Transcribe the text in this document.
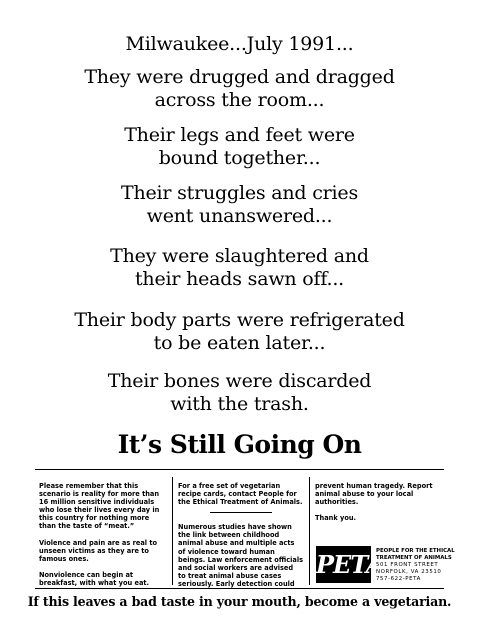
Milwaukee...July 1991...
They were drugged and dragged
across the room...
Their legs and feet were
bound together...
Their struggles and cries
went unanswered...
They were slaughtered and
their heads sawn off...
Their body parts were refrigerated
to be eaten later...
Their bones were discarded
with the trash.
It’s Still Going On

Please remember that this
scenario is reality for more than
16 million sensitive individuals
who lose their lives every day in
this country for nothing more
than the taste of “meat.”

Violence and pain are as real to
unseen victims as they are to
famous ones.

Nonviolence can begin at
breakfast, with what you eat.

For a free set of vegetarian
recipe cards, contact People for
the Ethical Treatment of Animals.

Numerous studies have shown
the link between childhood
animal abuse and multiple acts
of violence toward human
beings. Law enforcement officials
and social workers are advised
to treat animal abuse cases
seriously. Early detection could

prevent human tragedy. Report
animal abuse to your local
authorities.

Thank you.

PETA
PEOPLE FOR THE ETHICAL
TREATMENT OF ANIMALS
501 FRONT STREET
NORFOLK, VA 23510
757-622-PETA
If this leaves a bad taste in your mouth, become a vegetarian.
